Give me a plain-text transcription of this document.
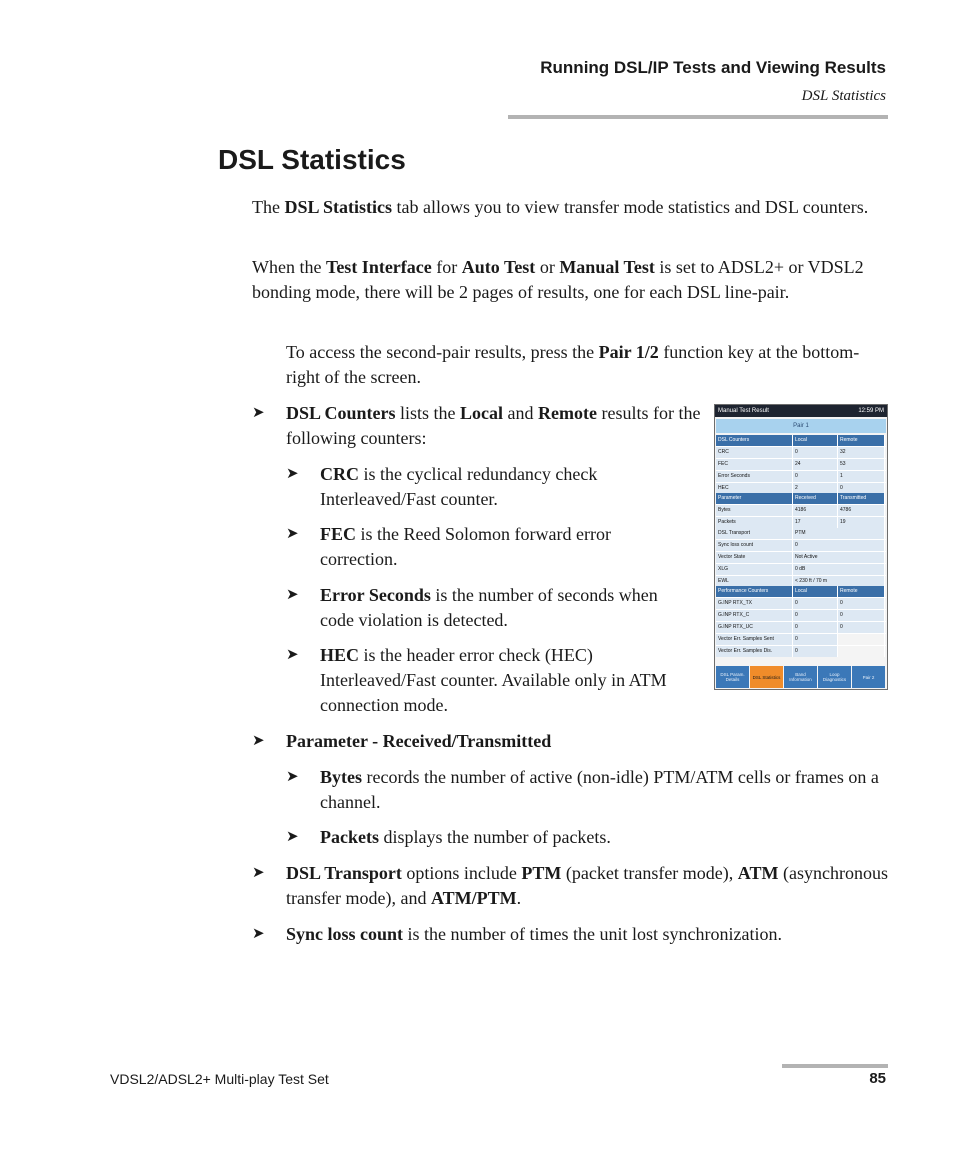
Running DSL/IP Tests and Viewing Results
DSL Statistics
DSL Statistics

The DSL Statistics tab allows you to view transfer mode statistics and DSL counters.

When the Test Interface for Auto Test or Manual Test is set to ADSL2+ or VDSL2 bonding mode, there will be 2 pages of results, one for each DSL line-pair.

To access the second-pair results, press the Pair 1/2 function key at the bottom-right of the screen.

➤ DSL Counters lists the Local and Remote results for the following counters:

➤ CRC is the cyclical redundancy check Interleaved/Fast counter.

➤ FEC is the Reed Solomon forward error correction.

➤ Error Seconds is the number of seconds when code violation is detected.

➤ HEC is the header error check (HEC) Interleaved/Fast counter. Available only in ATM connection mode.

➤ Parameter - Received/Transmitted

➤ Bytes records the number of active (non-idle) PTM/ATM cells or frames on a channel.

➤ Packets displays the number of packets.

➤ DSL Transport options include PTM (packet transfer mode), ATM (asynchronous transfer mode), and ATM/PTM.

➤ Sync loss count is the number of times the unit lost synchronization.

Manual Test Result	12:59 PM
Pair 1
DSL Counters	Local	Remote
CRC	0	32
FEC	24	53
Error Seconds	0	1
HEC	2	0
Parameter	Received	Transmitted
Bytes	4186	4786
Packets	17	19
DSL Transport	PTM
Sync loss count	0
Vector State	Not Active
XLG	0 dB
EWL	< 230 ft / 70 m
Performance Counters	Local	Remote
G.INP RTX_TX	0	0
G.INP RTX_C	0	0
G.INP RTX_UC	0	0
Vector Err. Samples Sent	0
Vector Err. Samples Dis.	0
DSL Param. Details	DSL Statistics	Band Information
Loop Diagnostics	Pair 2
VDSL2/ADSL2+ Multi-play Test Set	85
